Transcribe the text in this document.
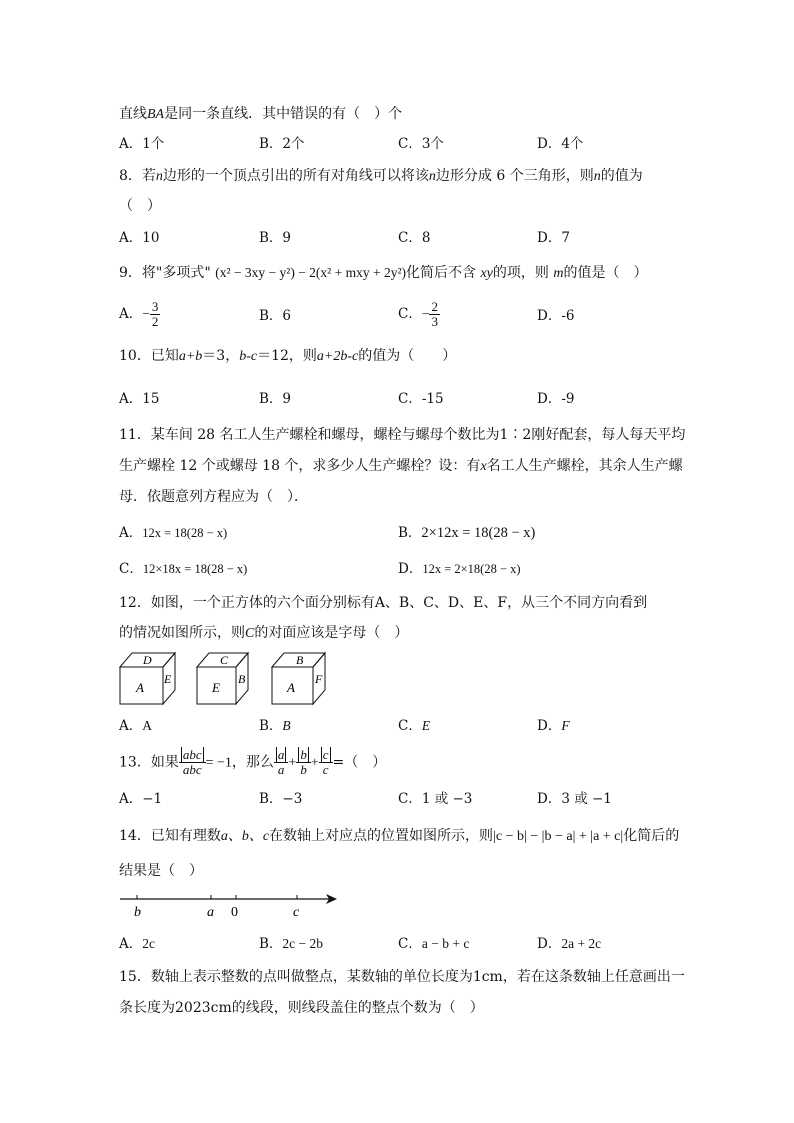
直线BA是同一条直线．其中错误的有（　）个
A．1个	B．2个	C．3个	D．4个
8．若n边形的一个顶点引出的所有对角线可以将该n边形分成 6 个三角形，则n的值为
（　）
A．10	B．9	C．8	D．7
9．将"多项式" (x² − 3xy − y²) − 2(x² + mxy + 2y²)化简后不含 xy的项，则 m的值是（　）
A．− $\frac{3}{2}$	B．6	C．− $\frac{2}{3}$	D．-6
10．已知a+b＝3，b-c＝12，则a+2b-c的值为（　　）
A．15	B．9	C．-15	D．-9
11．某车间 28 名工人生产螺栓和螺母，螺栓与螺母个数比为1∶2刚好配套，每人每天平均
生产螺栓 12 个或螺母 18 个，求多少人生产螺栓？设：有x名工人生产螺栓，其余人生产螺
母．依题意列方程应为（　）．
A．12x = 18(28 − x)	B．2×12x = 18(28 − x)
C．12×18x = 18(28 − x)	D．12x = 2×18(28 − x)
12．如图，一个正方体的六个面分别标有A、B、C、D、E、F，从三个不同方向看到
的情况如图所示，则C的对面应该是字母（　）
D
A
E
C
E
B
B
A
F
A．A	B．B	C．E	D．F
13．如果 $\frac{\text{abc}}{\text{abc}} = -1$，那么 $\frac{a}{a} + \frac{b}{b} + \frac{c}{c}$ =（　）
A．−1	B．−3	C．1 或 −3	D．3 或 −1
14．已知有理数a、b、c在数轴上对应点的位置如图所示，则|c − b| − |b − a| + |a + c|化简后的
结果是（　）
b	a 0	c
A．2c	B．2c − 2b	C．a − b + c	D．2a + 2c
15．数轴上表示整数的点叫做整点，某数轴的单位长度为1cm，若在这条数轴上任意画出一
条长度为2023cm的线段，则线段盖住的整点个数为（　）
